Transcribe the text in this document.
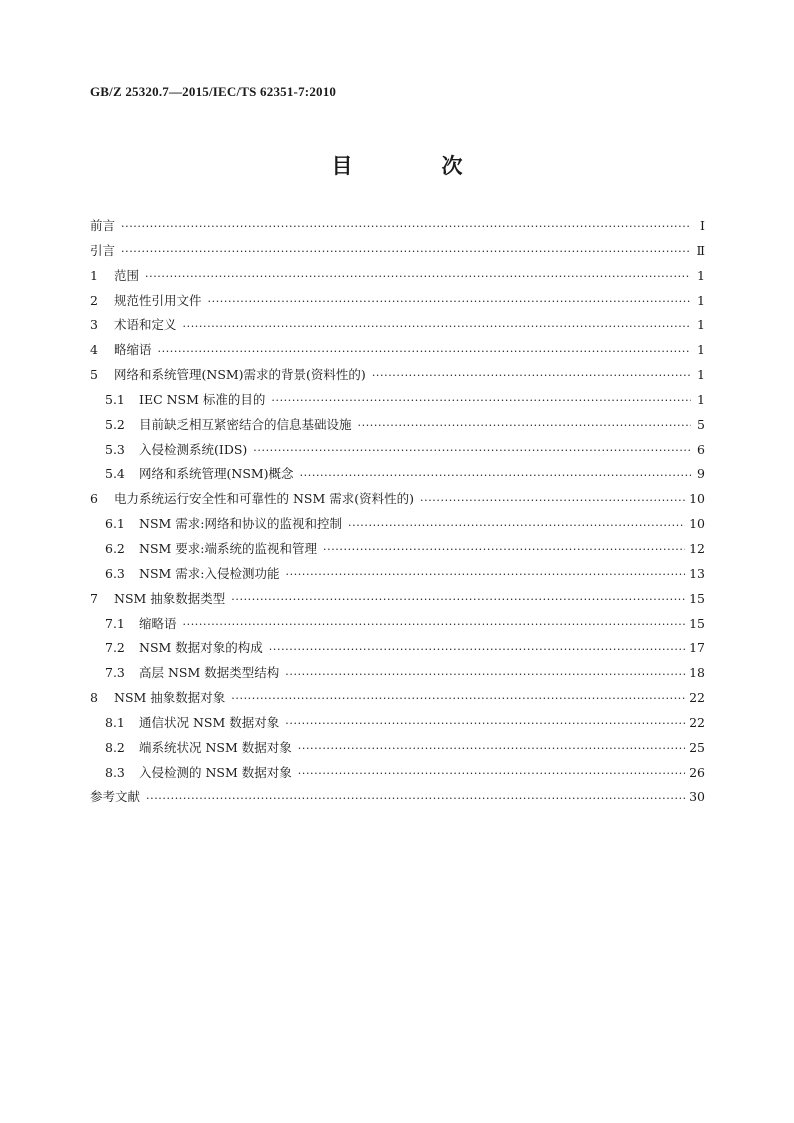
GB/Z 25320.7—2015/IEC/TS 62351-7:2010
目　次
前言 ·····	Ⅰ
引言 ·····	Ⅱ
1	范围 ·····	1
2	规范性引用文件 ·····	1
3	术语和定义 ·····	1
4	略缩语 ·····	1
5	网络和系统管理(NSM)需求的背景(资料性的) ·····	1
5.1	IEC NSM 标准的目的 ·····	1
5.2	目前缺乏相互紧密结合的信息基础设施 ·····	5
5.3	入侵检测系统(IDS) ·····	6
5.4	网络和系统管理(NSM)概念 ·····	9
6	电力系统运行安全性和可靠性的 NSM 需求(资料性的) ·····	10
6.1	NSM 需求:网络和协议的监视和控制 ·····	10
6.2	NSM 要求:端系统的监视和管理 ·····	12
6.3	NSM 需求:入侵检测功能 ·····	13
7	NSM 抽象数据类型 ·····	15
7.1	缩略语 ·····	15
7.2	NSM 数据对象的构成 ·····	17
7.3	高层 NSM 数据类型结构 ·····	18
8	NSM 抽象数据对象 ·····	22
8.1	通信状况 NSM 数据对象 ·····	22
8.2	端系统状况 NSM 数据对象 ·····	25
8.3	入侵检测的 NSM 数据对象 ·····	26
参考文献 ·····	30
